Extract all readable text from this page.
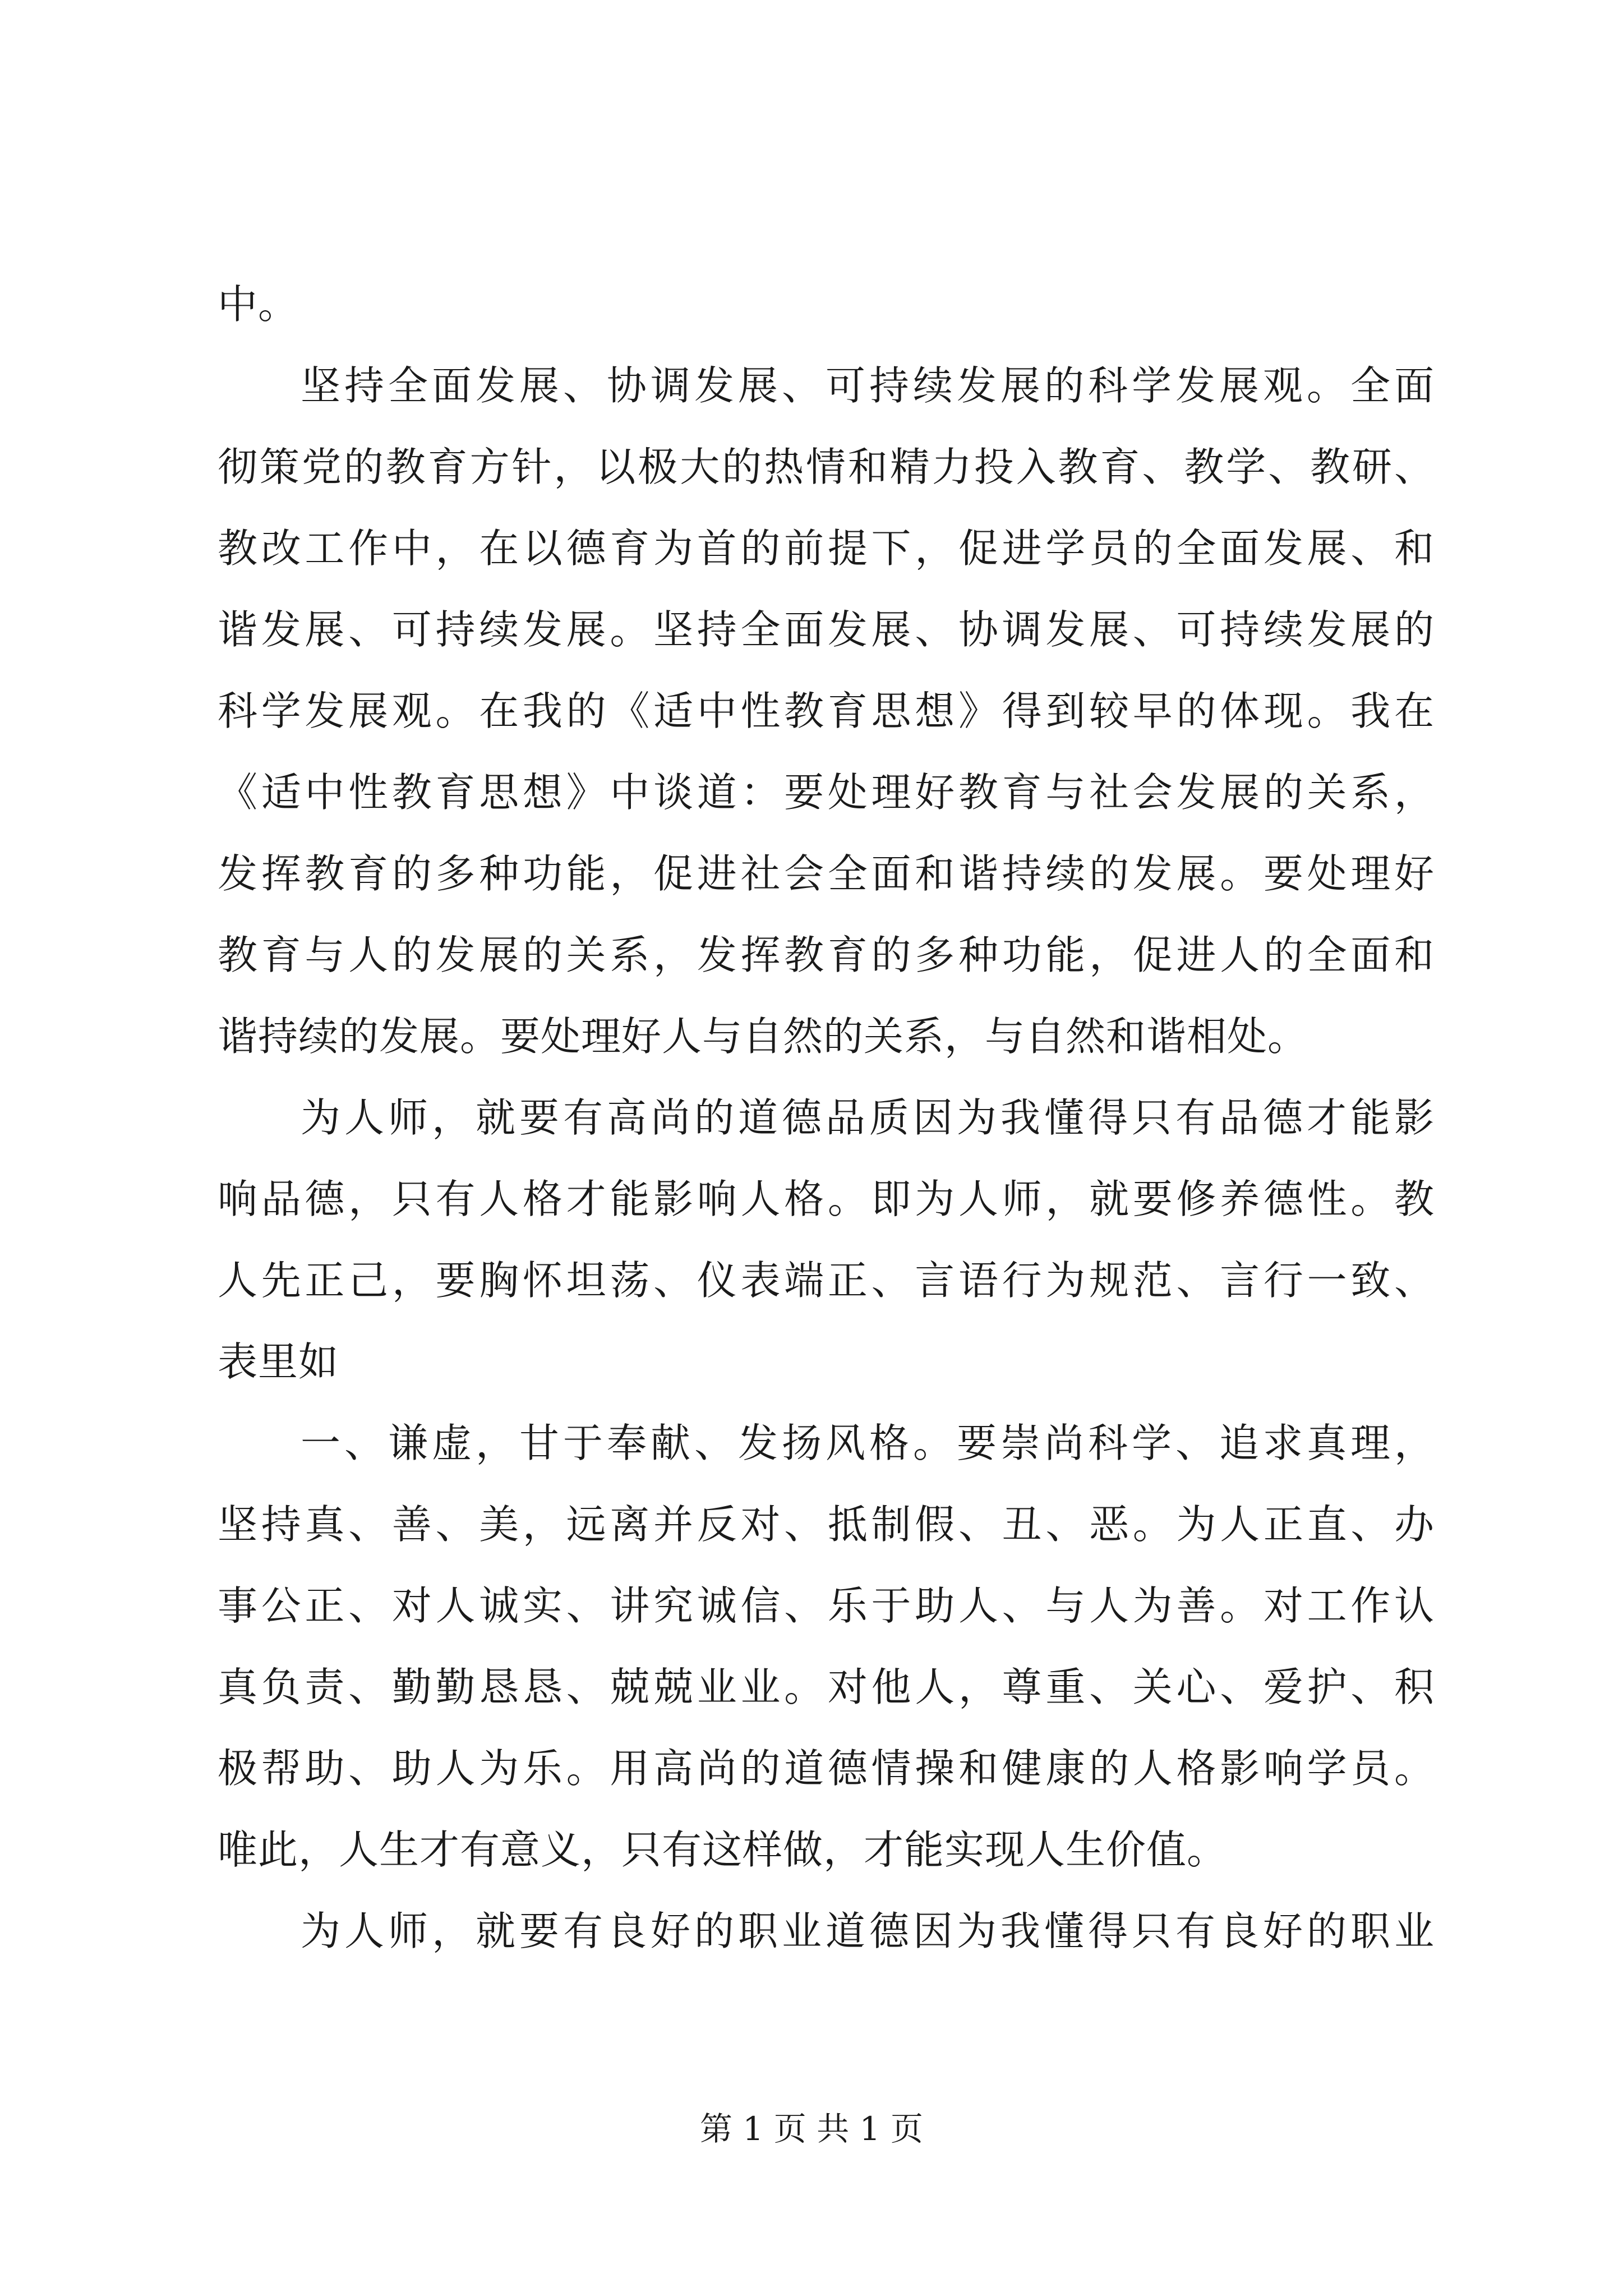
中。
坚持全面发展、协调发展、可持续发展的科学发展观。全面
彻策党的教育方针，以极大的热情和精力投入教育、教学、教研、
教改工作中，在以德育为首的前提下，促进学员的全面发展、和
谐发展、可持续发展。坚持全面发展、协调发展、可持续发展的
科学发展观。在我的《适中性教育思想》得到较早的体现。我在
《适中性教育思想》中谈道：要处理好教育与社会发展的关系，
发挥教育的多种功能，促进社会全面和谐持续的发展。要处理好
教育与人的发展的关系，发挥教育的多种功能，促进人的全面和
谐持续的发展。要处理好人与自然的关系，与自然和谐相处。
为人师，就要有高尚的道德品质因为我懂得只有品德才能影
响品德，只有人格才能影响人格。即为人师，就要修养德性。教
人先正己，要胸怀坦荡、仪表端正、言语行为规范、言行一致、
表里如
一、谦虚，甘于奉献、发扬风格。要崇尚科学、追求真理，
坚持真、善、美，远离并反对、抵制假、丑、恶。为人正直、办
事公正、对人诚实、讲究诚信、乐于助人、与人为善。对工作认
真负责、勤勤恳恳、兢兢业业。对他人，尊重、关心、爱护、积
极帮助、助人为乐。用高尚的道德情操和健康的人格影响学员。
唯此，人生才有意义，只有这样做，才能实现人生价值。
为人师，就要有良好的职业道德因为我懂得只有良好的职业
第 1 页 共 1 页
